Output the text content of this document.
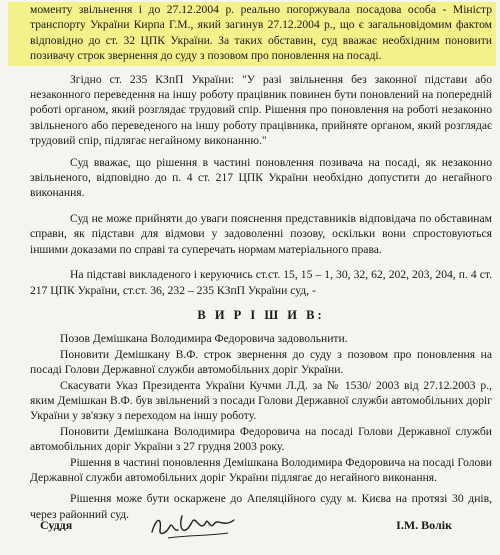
моменту звільнення і до 27.12.2004 р. реально погоржувала посадова особа - Міністр транспорту України Кирпа Г.М., який загинув 27.12.2004 р., що є загальновідомим фактом відповідно до ст. 32 ЦПК України. За таких обставин, суд вважає необхідним поновити позивачу строк звернення до суду з позовом про поновлення на посаді.

Згідно ст. 235 КЗпП України: "У разі звільнення без законної підстави або незаконного переведення на іншу роботу працівник повинен бути поновлений на попередній роботі органом, який розглядає трудовий спір. Рішення про поновлення на роботі незаконно звільненого або переведеного на іншу роботу працівника, прийняте органом, який розглядає трудовий спір, підлягає негайному виконанню."

Суд вважає, що рішення в частині поновлення позивача на посаді, як незаконно звільненого, відповідно до п. 4 ст. 217 ЦПК України необхідно допустити до негайного виконання.

Суд не може прийняти до уваги пояснення представників відповідача по обставинам справи, як підстави для відмови у задоволенні позову, оскільки вони спростовуються іншими доказами по справі та суперечать нормам матеріального права.

На підставі викладеного і керуючись ст.ст. 15, 15 – 1, 30, 32, 62, 202, 203, 204, п. 4 ст. 217 ЦПК України, ст.ст. 36, 232 – 235 КЗпП України суд, -

В И Р І Ш И В:

Позов Демішкана Володимира Федоровича задовольнити.

Поновити Демішкану В.Ф. строк звернення до суду з позовом про поновлення на посаді Голови Державної служби автомобільних доріг України.

Скасувати Указ Президента України Кучми Л.Д. за № 1530/ 2003 від 27.12.2003 р., яким Демішкан В.Ф. був звільнений з посади Голови Державної служби автомобільних доріг України у зв'язку з переходом на іншу роботу.

Поновити Демішкана Володимира Федоровича на посаді Голови Державної служби автомобільних доріг України з 27 грудня 2003 року.

Рішення в частині поновлення Демішкана Володимира Федоровича на посаді Голови Державної служби автомобільних доріг України підлягає до негайного виконання.

Рішення може бути оскаржене до Апеляційного суду м. Києва на протязі 30 днів, через районний суд.

Суддя	І.М. Волік
